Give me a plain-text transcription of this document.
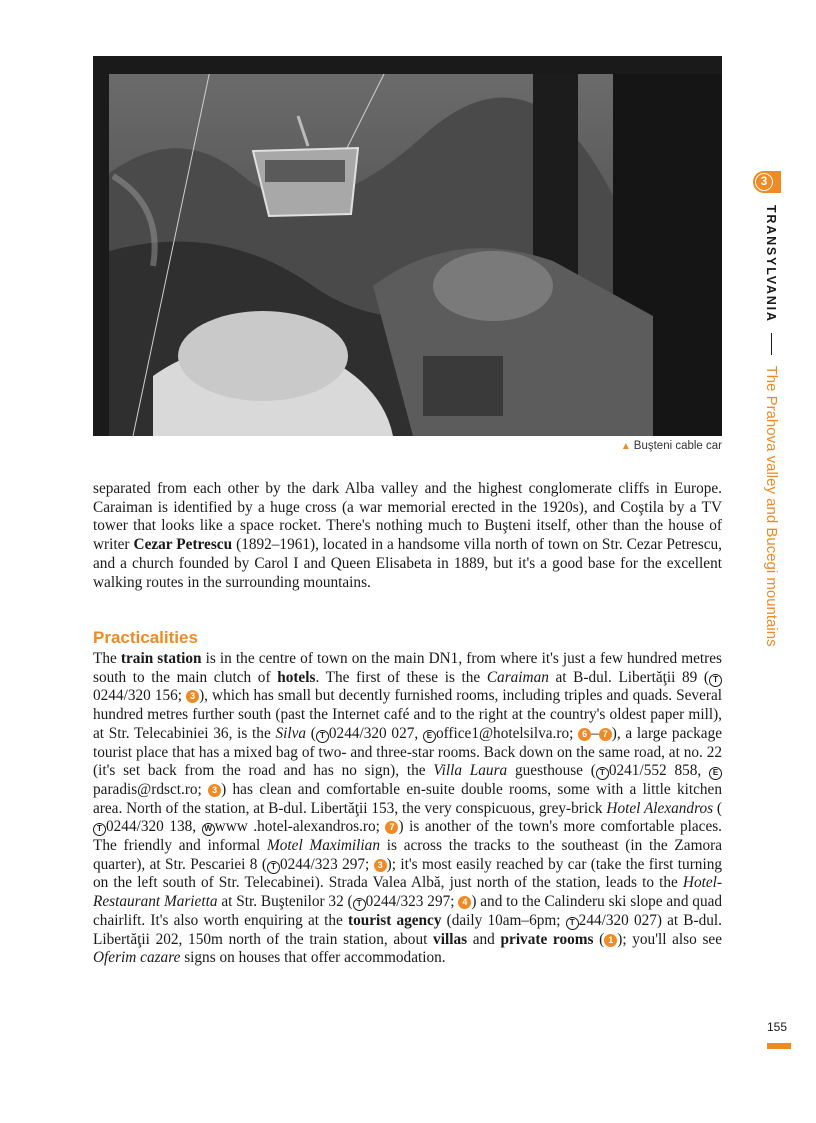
▲ Buşteni cable car
3
TRANSYLVANIA  The Prahova valley and Bucegi mountains

separated from each other by the dark Alba valley and the highest conglomerate cliffs in Europe. Caraiman is identified by a huge cross (a war memorial erected in the 1920s), and Coştila by a TV tower that looks like a space rocket. There's nothing much to Buşteni itself, other than the house of writer Cezar Petrescu (1892–1961), located in a handsome villa north of town on Str. Cezar Petrescu, and a church founded by Carol I and Queen Elisabeta in 1889, but it's a good base for the excellent walking routes in the surrounding mountains.

Practicalities

The train station is in the centre of town on the main DN1, from where it's just a few hundred metres south to the main clutch of hotels. The first of these is the Caraiman at B-dul. Libertăţii 89 ( T0244/320 156; 3 ), which has small but decently furnished rooms, including triples and quads. Several hundred metres further south (past the Internet café and to the right at the country's oldest paper mill), at Str. Telecabiniei 36, is the Silva ( T 0244/320 027, E office1@hotelsilva.ro; 6 – 7 ), a large package tourist place that has a mixed bag of two- and three-star rooms. Back down on the same road, at no. 22 (it's set back from the road and has no sign), the Villa Laura guesthouse ( T 0241/552 858, Eparadis@rdsct.ro; 3 ) has clean and comfortable en-suite double rooms, some with a little kitchen area. North of the station, at B-dul. Libertăţii 153, the very conspicuous, grey-brick Hotel Alexandros (T 0244/320 138, W www .hotel-alexandros.ro; 7 ) is another of the town's more comfortable places. The friendly and informal Motel Maximilian is across the tracks to the southeast (in the Zamora quarter), at Str. Pescariei 8 ( T 0244/323 297; 3 ); it's most easily reached by car (take the first turning on the left south of Str. Telecabinei). Strada Valea Albă, just north of the station, leads to the Hotel-Restaurant Marietta at Str. Buştenilor 32 ( T 0244/323 297; 4 ) and to the Calinderu ski slope and quad chairlift. It's also worth enquiring at the tourist agency (daily 10am–6pm; T 244/320 027) at B-dul. Libertăţii 202, 150m north of the train station, about villas and private rooms ( 1 ); you'll also see Oferim cazare signs on houses that offer accommodation.

155
